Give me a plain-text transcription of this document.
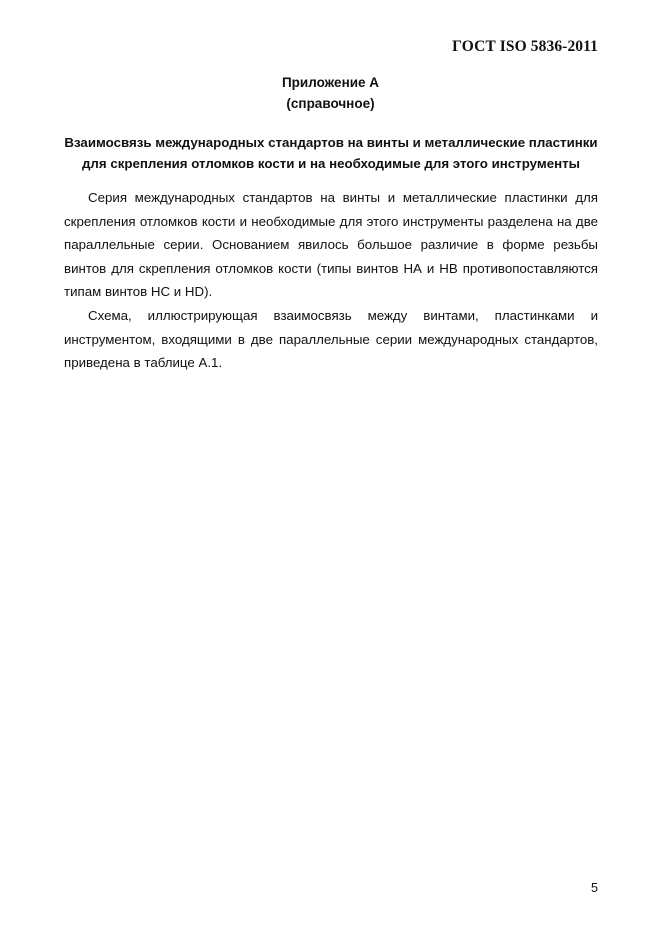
ГОСТ ISO 5836-2011
Приложение А
(справочное)
Взаимосвязь международных стандартов на винты и металлические пластинки
для скрепления отломков кости и на необходимые для этого инструменты

Серия международных стандартов на винты и металлические пластинки для скрепления отломков кости и необходимые для этого инструменты разделена на две параллельные серии. Основанием явилось большое различие в форме резьбы винтов для скрепления отломков кости (типы винтов НА и НВ противопоставляются типам винтов НС и HD).

Схема, иллюстрирующая взаимосвязь между винтами, пластинками и инструментом, входящими в две параллельные серии международных стандартов, приведена в таблице А.1.

5
